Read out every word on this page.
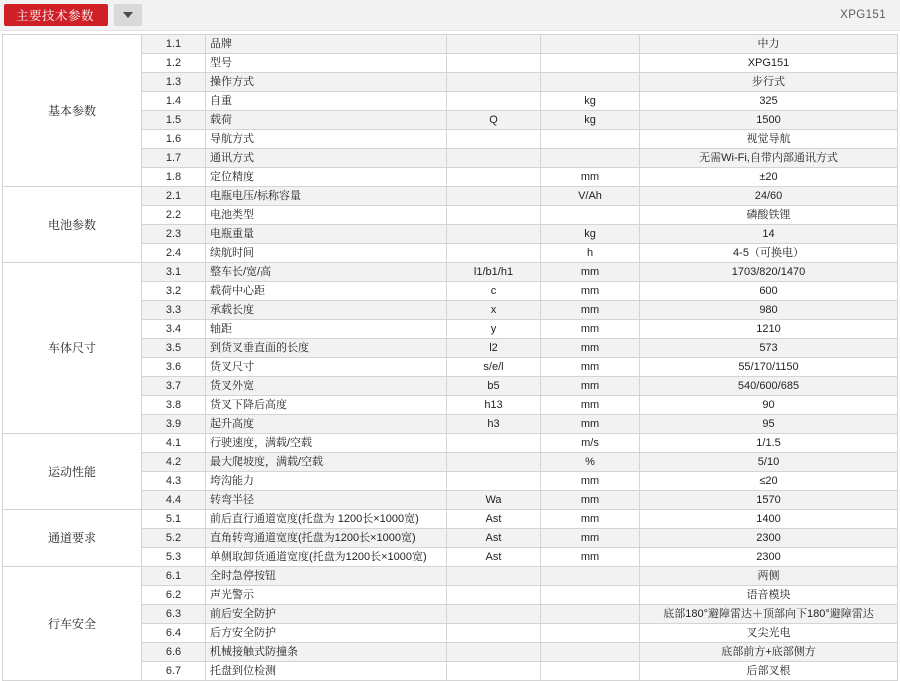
主要技术参数	XPG151
基本参数	1.1	品牌			中力
	1.2	型号			XPG151
	1.3	操作方式			步行式
	1.4	自重		kg	325
	1.5	载荷	Q	kg	1500
	1.6	导航方式			视觉导航
	1.7	通讯方式			无需Wi-Fi,自带内部通讯方式
	1.8	定位精度		mm	±20
电池参数	2.1	电瓶电压/标称容量		V/Ah	24/60
	2.2	电池类型			磷酸铁锂
	2.3	电瓶重量		kg	14
	2.4	续航时间		h	4-5（可换电）
车体尺寸	3.1	整车长/宽/高	l1/b1/h1	mm	1703/820/1470
	3.2	载荷中心距	c	mm	600
	3.3	承载长度	x	mm	980
	3.4	轴距	y	mm	1210
	3.5	到货叉垂直面的长度	l2	mm	573
	3.6	货叉尺寸	s/e/l	mm	55/170/1150
	3.7	货叉外宽	b5	mm	540/600/685
	3.8	货叉下降后高度	h13	mm	90
	3.9	起升高度	h3	mm	95
运动性能	4.1	行驶速度，满载/空载		m/s	1/1.5
	4.2	最大爬坡度，满载/空载		%	5/10
	4.3	垮沟能力		mm	≤20
	4.4	转弯半径	Wa	mm	1570
通道要求	5.1	前后直行通道宽度(托盘为 1200长×1000宽)	Ast	mm	1400
	5.2	直角转弯通道宽度(托盘为1200长×1000宽)	Ast	mm	2300
	5.3	单侧取卸货通道宽度(托盘为1200长×1000宽)	Ast	mm	2300
行车安全	6.1	全时急停按钮			两侧
	6.2	声光警示			语音模块
	6.3	前后安全防护			底部180°避障雷达＋顶部向下180°避障雷达
	6.4	后方安全防护			叉尖光电
	6.6	机械接触式防撞条			底部前方+底部侧方
	6.7	托盘到位检测			后部叉根
